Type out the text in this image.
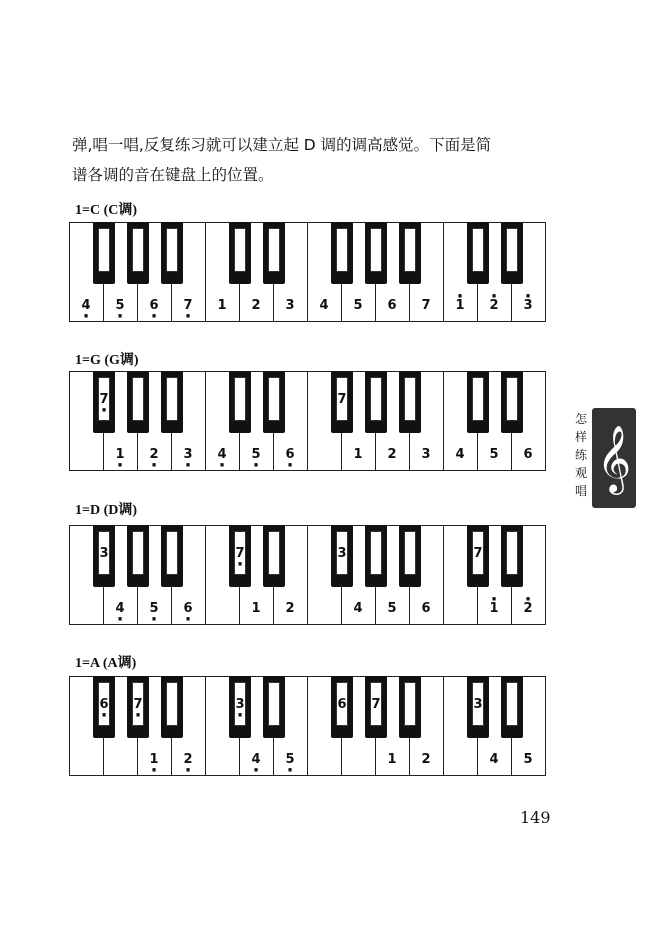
弹,唱一唱,反复练习就可以建立起 D 调的调高感觉。下面是简
谱各调的音在键盘上的位置。
1=C (C调)
4 ·	5 ·	6 ·	7 ·	1	2	3	4	5	6	7	· 1	· 2	· 3
1=G (G调)
1 ·	2 ·	3 ·	4 ·	5 ·	6 ·	1	2	3	4	5	6
7 ·	7
1=D (D调)
4 ·	5 ·	6 ·	1	2	4	5	6	· 1	· 2
3	7 ·	3	7
1=A (A调)
1 ·	2 ·	4 ·	5 ·	1	2	4	5
6 · 7 ·	3 ·	6 7	3
怎
样
练
观
唱 𝄞
149
